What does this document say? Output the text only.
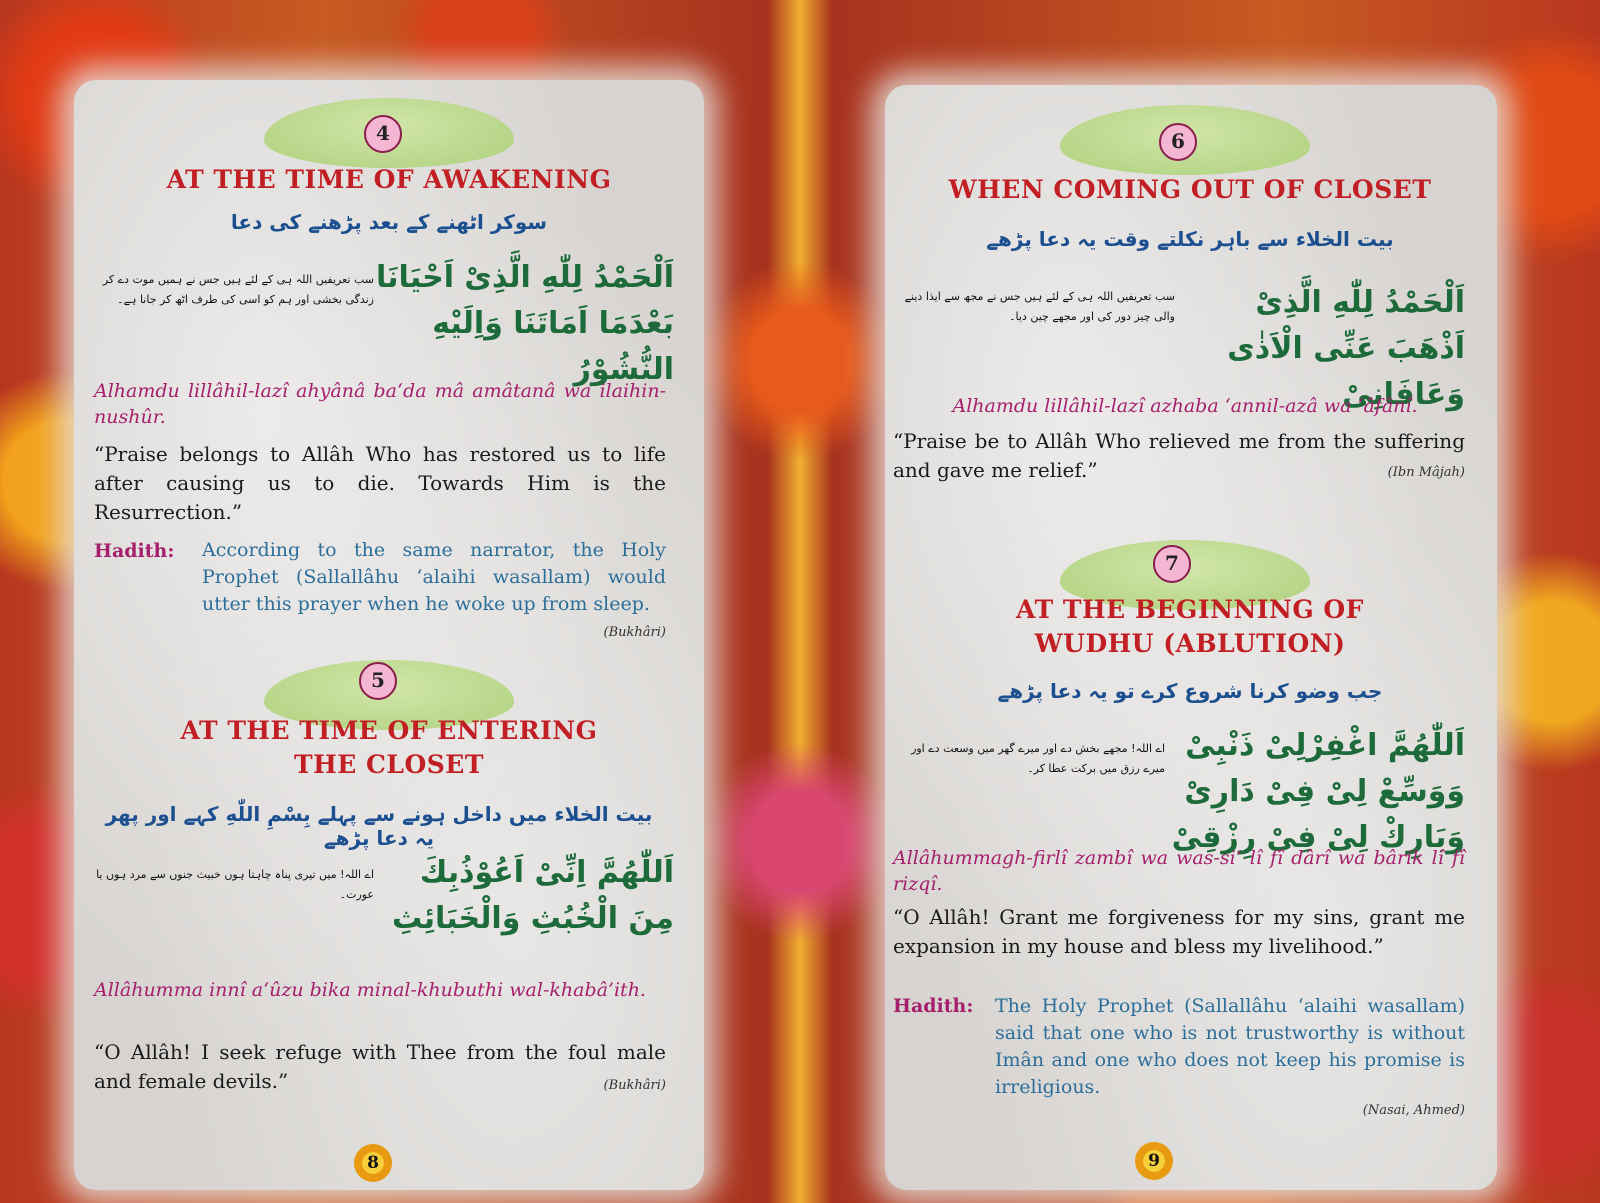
4
AT THE TIME OF AWAKENING
سوکر اٹھنے کے بعد پڑھنے کی دعا
اَلْحَمْدُ لِلّٰهِ الَّذِیْ اَحْیَانَا بَعْدَمَا اَمَاتَنَا وَاِلَیْهِ النُّشُوْرُ
سب تعریفیں اللہ ہی کے لئے ہیں جس نے ہمیں موت دے کر زندگی بخشی اور ہم کو اسی کی طرف اٹھ کر جانا ہے۔
Alhamdu lillâhil-lazî ahyânâ ba‘da mâ amâtanâ wa ilaihin-nushûr.
“Praise belongs to Allâh Who has restored us to life after causing us to die. Towards Him is the Resurrection.”
Hadith: According to the same narrator, the Holy Prophet (Sallallâhu ‘alaihi wasallam) would utter this prayer when he woke up from sleep.
(Bukhâri)
5
AT THE TIME OF ENTERING
THE CLOSET
بیت الخلاء میں داخل ہونے سے پہلے بِسْمِ اللّٰهِ کہے اور پھر یہ دعا پڑھے
اَللّٰهُمَّ اِنِّیْ اَعُوْذُبِكَ مِنَ الْخُبُثِ وَالْخَبَائِثِ
اے اللہ! میں تیری پناہ چاہتا ہوں خبیث جنوں سے مرد ہوں یا عورت۔
Allâhumma innî a‘ûzu bika minal-khubuthi wal-khabâ’ith.
“O Allâh! I seek refuge with Thee from the foul male and female devils.”	(Bukhâri)
8
6
WHEN COMING OUT OF CLOSET
بیت الخلاء سے باہر نکلتے وقت یہ دعا پڑھے
اَلْحَمْدُ لِلّٰهِ الَّذِیْ اَذْهَبَ عَنِّی الْاَذٰی وَعَافَانِیْ
سب تعریفیں اللہ ہی کے لئے ہیں جس نے مجھ سے ایذا دینے والی چیز دور کی اور مجھے چین دیا۔
Alhamdu lillâhil-lazî azhaba ‘annil-azâ wa ‘âfânî.
“Praise be to Allâh Who relieved me from the suffering and gave me relief.”	(Ibn Mâjah)
7
AT THE BEGINNING OF
WUDHU (ABLUTION)
جب وضو کرنا شروع کرے تو یہ دعا پڑھے
اَللّٰهُمَّ اغْفِرْلِیْ ذَنْبِیْ وَوَسِّعْ لِیْ فِیْ دَارِیْ وَبَارِكْ لِیْ فِیْ رِزْقِیْ
اے اللہ! مجھے بخش دے اور میرے گھر میں وسعت دے اور میرے رزق میں برکت عطا کر۔
Allâhummagh-firlî zambî wa was-si‘ lî fî dârî wa bârik lî fî rizqî.
“O Allâh! Grant me forgiveness for my sins, grant me expansion in my house and bless my livelihood.”
Hadith: The Holy Prophet (Sallallâhu ‘alaihi wasallam) said that one who is not trustworthy is without Imân and one who does not keep his promise is irreligious.
(Nasai, Ahmed)
9
